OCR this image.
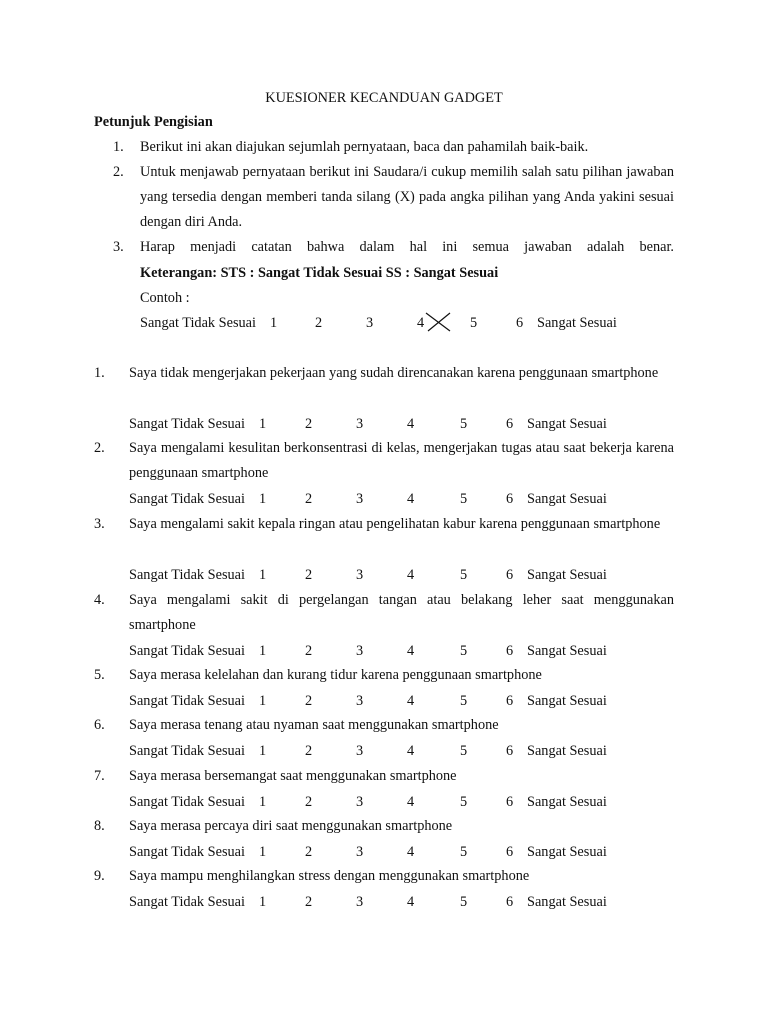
KUESIONER KECANDUAN GADGET
Petunjuk Pengisian
1. Berikut ini akan diajukan sejumlah pernyataan, baca dan pahamilah baik-baik.
2. Untuk menjawab pernyataan berikut ini Saudara/i cukup memilih salah satu pilihan jawaban yang tersedia dengan memberi tanda silang (X) pada angka pilihan yang Anda yakini sesuai dengan diri Anda.
3. Harap menjadi catatan bahwa dalam hal ini semua jawaban adalah benar.
Keterangan: STS : Sangat Tidak Sesuai SS : Sangat Sesuai
Contoh :
Sangat Tidak Sesuai 1	2	3	4	5	6 Sangat Sesuai
1. Saya tidak mengerjakan pekerjaan yang sudah direncanakan karena penggunaan smartphone
Sangat Tidak Sesuai 1	2	3	4	5	6 Sangat Sesuai
2. Saya mengalami kesulitan berkonsentrasi di kelas, mengerjakan tugas atau saat bekerja karena penggunaan smartphone
Sangat Tidak Sesuai 1	2	3	4	5	6 Sangat Sesuai
3. Saya mengalami sakit kepala ringan atau pengelihatan kabur karena penggunaan smartphone
Sangat Tidak Sesuai 1	2	3	4	5	6 Sangat Sesuai
4. Saya mengalami sakit di pergelangan tangan atau belakang leher saat menggunakan smartphone
Sangat Tidak Sesuai 1	2	3	4	5	6 Sangat Sesuai
5. Saya merasa kelelahan dan kurang tidur karena penggunaan smartphone
Sangat Tidak Sesuai 1	2	3	4	5	6 Sangat Sesuai
6. Saya merasa tenang atau nyaman saat menggunakan smartphone
Sangat Tidak Sesuai 1	2	3	4	5	6 Sangat Sesuai
7. Saya merasa bersemangat saat menggunakan smartphone
Sangat Tidak Sesuai 1	2	3	4	5	6 Sangat Sesuai
8. Saya merasa percaya diri saat menggunakan smartphone
Sangat Tidak Sesuai 1	2	3	4	5	6 Sangat Sesuai
9. Saya mampu menghilangkan stress dengan menggunakan smartphone
Sangat Tidak Sesuai 1	2	3	4	5	6 Sangat Sesuai
